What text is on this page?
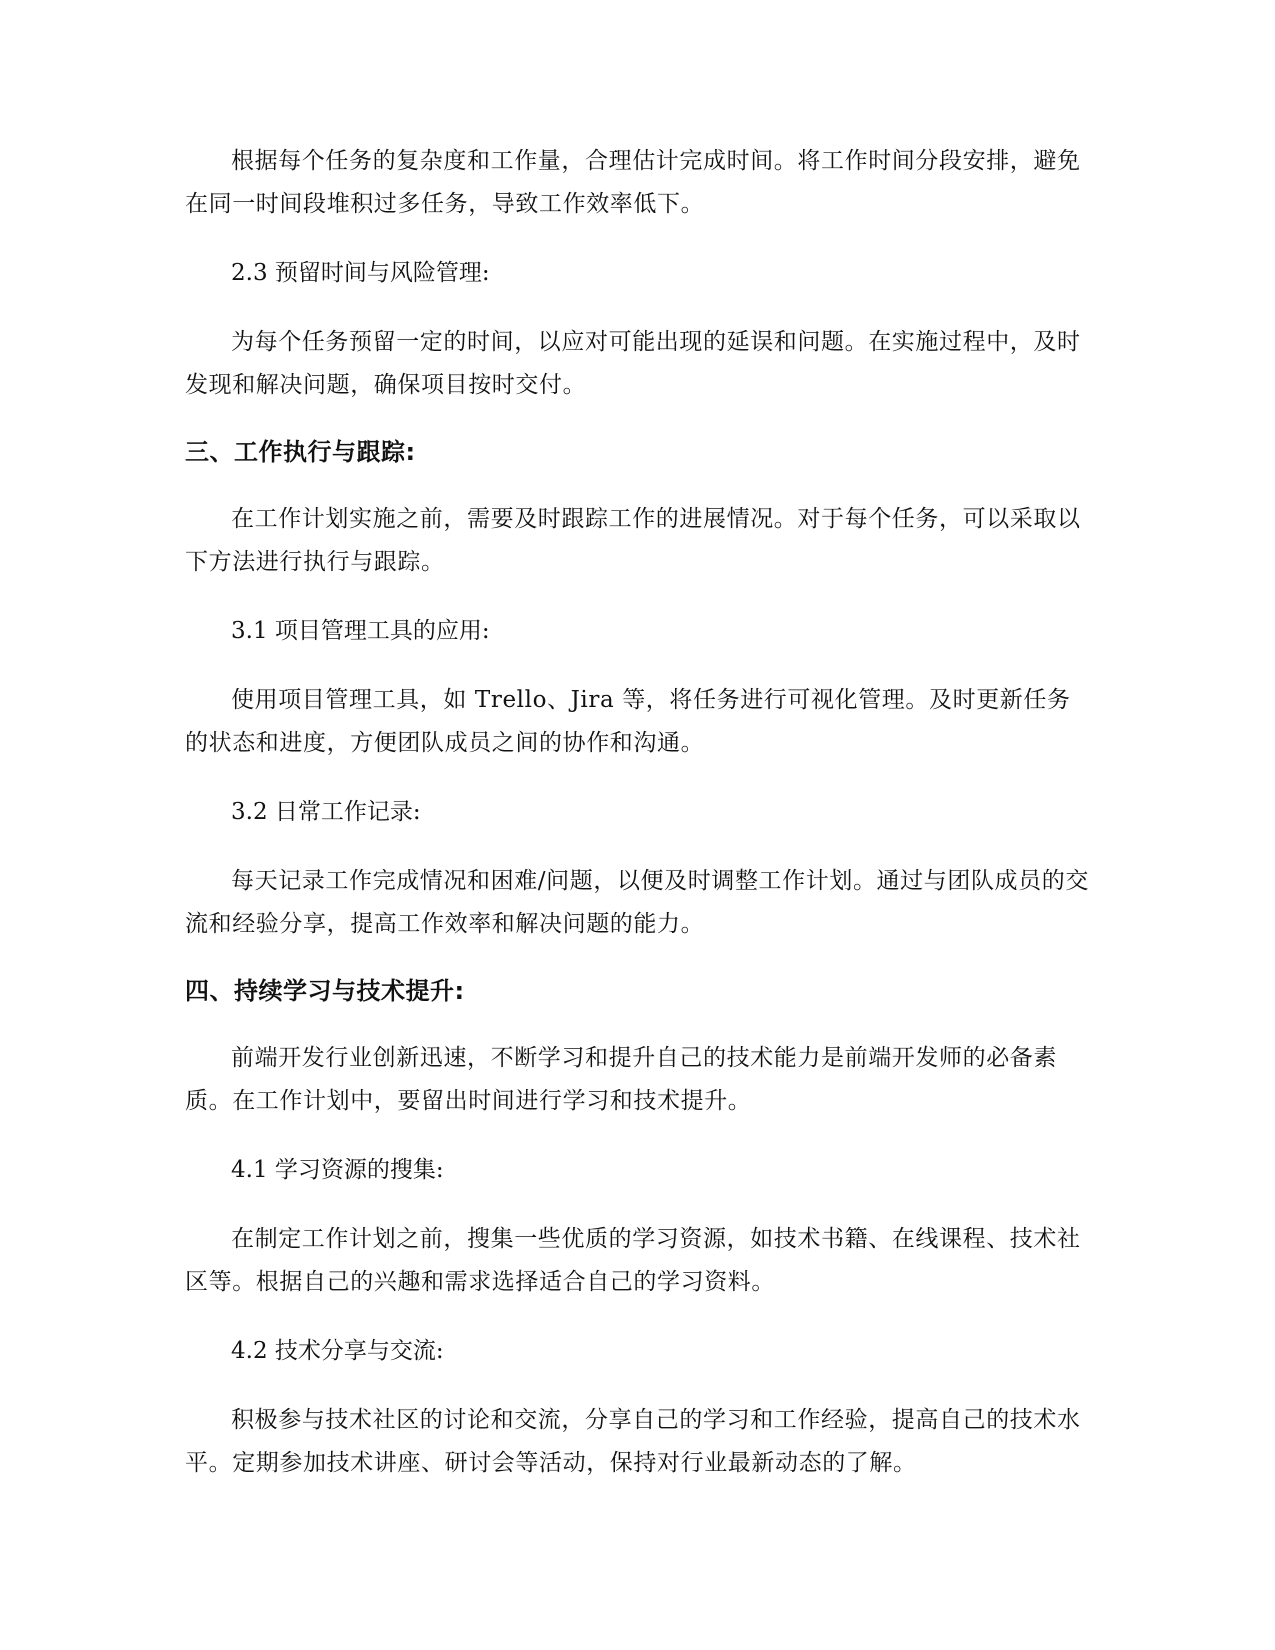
根据每个任务的复杂度和工作量，合理估计完成时间。将工作时间分段安排，避免在同一时间段堆积过多任务，导致工作效率低下。

2.3 预留时间与风险管理:

为每个任务预留一定的时间，以应对可能出现的延误和问题。在实施过程中，及时发现和解决问题，确保项目按时交付。

三、工作执行与跟踪:

在工作计划实施之前，需要及时跟踪工作的进展情况。对于每个任务，可以采取以下方法进行执行与跟踪。

3.1 项目管理工具的应用:

使用项目管理工具，如 Trello、Jira 等，将任务进行可视化管理。及时更新任务的状态和进度，方便团队成员之间的协作和沟通。

3.2 日常工作记录:

每天记录工作完成情况和困难/问题，以便及时调整工作计划。通过与团队成员的交流和经验分享，提高工作效率和解决问题的能力。

四、持续学习与技术提升:

前端开发行业创新迅速，不断学习和提升自己的技术能力是前端开发师的必备素质。在工作计划中，要留出时间进行学习和技术提升。

4.1 学习资源的搜集:

在制定工作计划之前，搜集一些优质的学习资源，如技术书籍、在线课程、技术社区等。根据自己的兴趣和需求选择适合自己的学习资料。

4.2 技术分享与交流:

积极参与技术社区的讨论和交流，分享自己的学习和工作经验，提高自己的技术水平。定期参加技术讲座、研讨会等活动，保持对行业最新动态的了解。
